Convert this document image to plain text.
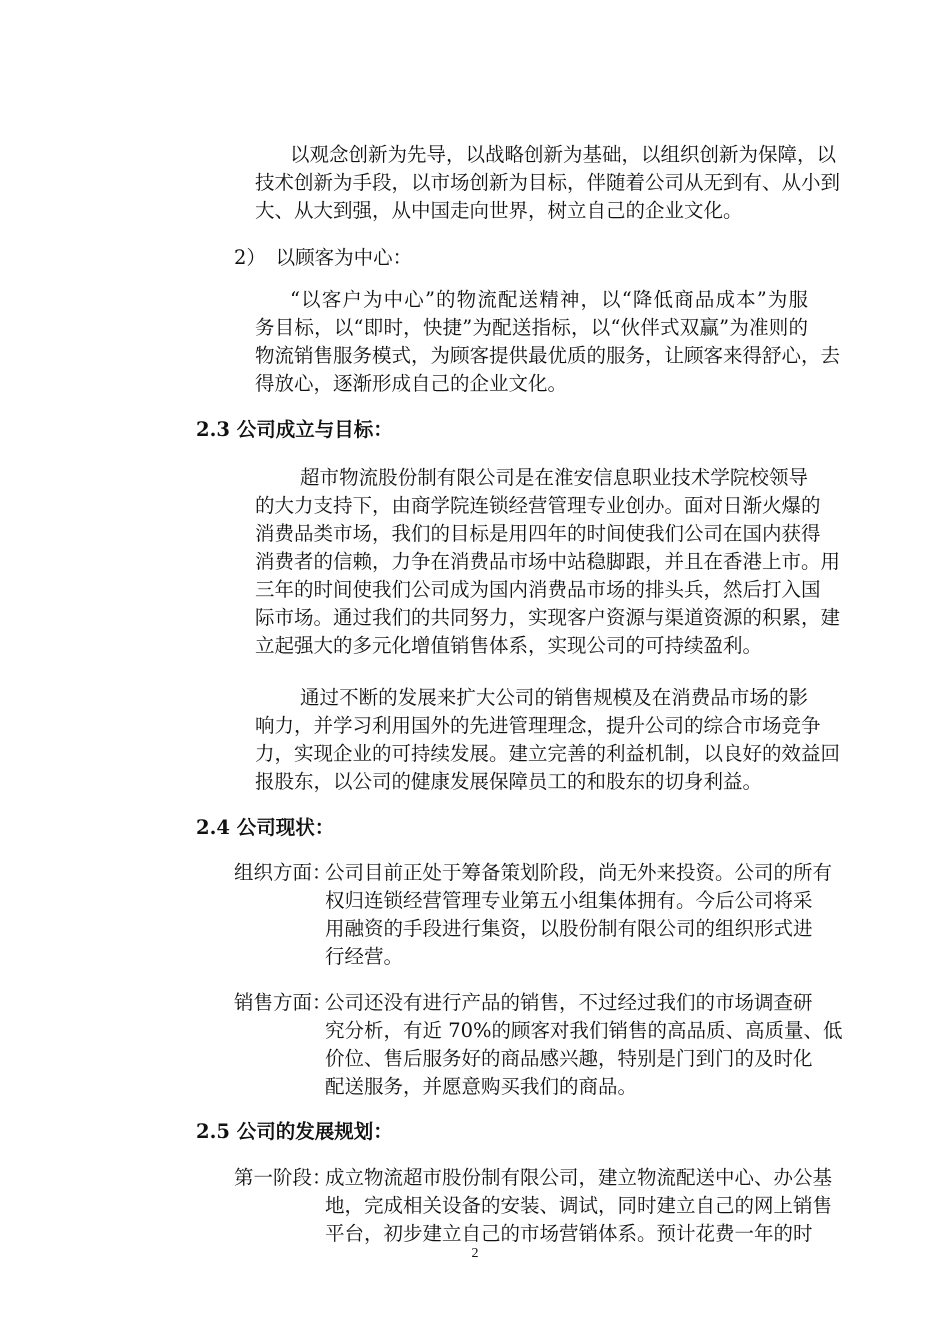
2）　以顾客为中心：
2.3 公司成立与目标：
2.4 公司现状：
组织方面：
销售方面：
2.5 公司的发展规划：
第一阶段：
2
以观念创新为先导，以战略创新为基础，以组织创新为保障，以
技术创新为手段，以市场创新为目标，伴随着公司从无到有、从小到
大、从大到强，从中国走向世界，树立自己的企业文化。
“以客户为中心”的物流配送精神，以“降低商品成本”为服
务目标，以“即时，快捷”为配送指标，以“伙伴式双赢”为准则的
物流销售服务模式，为顾客提供最优质的服务，让顾客来得舒心，去
得放心，逐渐形成自己的企业文化。
超市物流股份制有限公司是在淮安信息职业技术学院校领导
的大力支持下，由商学院连锁经营管理专业创办。面对日渐火爆的
消费品类市场，我们的目标是用四年的时间使我们公司在国内获得
消费者的信赖，力争在消费品市场中站稳脚跟，并且在香港上市。用
三年的时间使我们公司成为国内消费品市场的排头兵，然后打入国
际市场。通过我们的共同努力，实现客户资源与渠道资源的积累，建
立起强大的多元化增值销售体系，实现公司的可持续盈利。
通过不断的发展来扩大公司的销售规模及在消费品市场的影
响力，并学习利用国外的先进管理理念，提升公司的综合市场竞争
力，实现企业的可持续发展。建立完善的利益机制，以良好的效益回
报股东，以公司的健康发展保障员工的和股东的切身利益。
公司目前正处于筹备策划阶段，尚无外来投资。公司的所有
权归连锁经营管理专业第五小组集体拥有。今后公司将采
用融资的手段进行集资，以股份制有限公司的组织形式进
行经营。
公司还没有进行产品的销售，不过经过我们的市场调查研
究分析，有近 70%的顾客对我们销售的高品质、高质量、低
价位、售后服务好的商品感兴趣，特别是门到门的及时化
配送服务，并愿意购买我们的商品。
成立物流超市股份制有限公司，建立物流配送中心、办公基
地，完成相关设备的安装、调试，同时建立自己的网上销售
平台，初步建立自己的市场营销体系。预计花费一年的时
